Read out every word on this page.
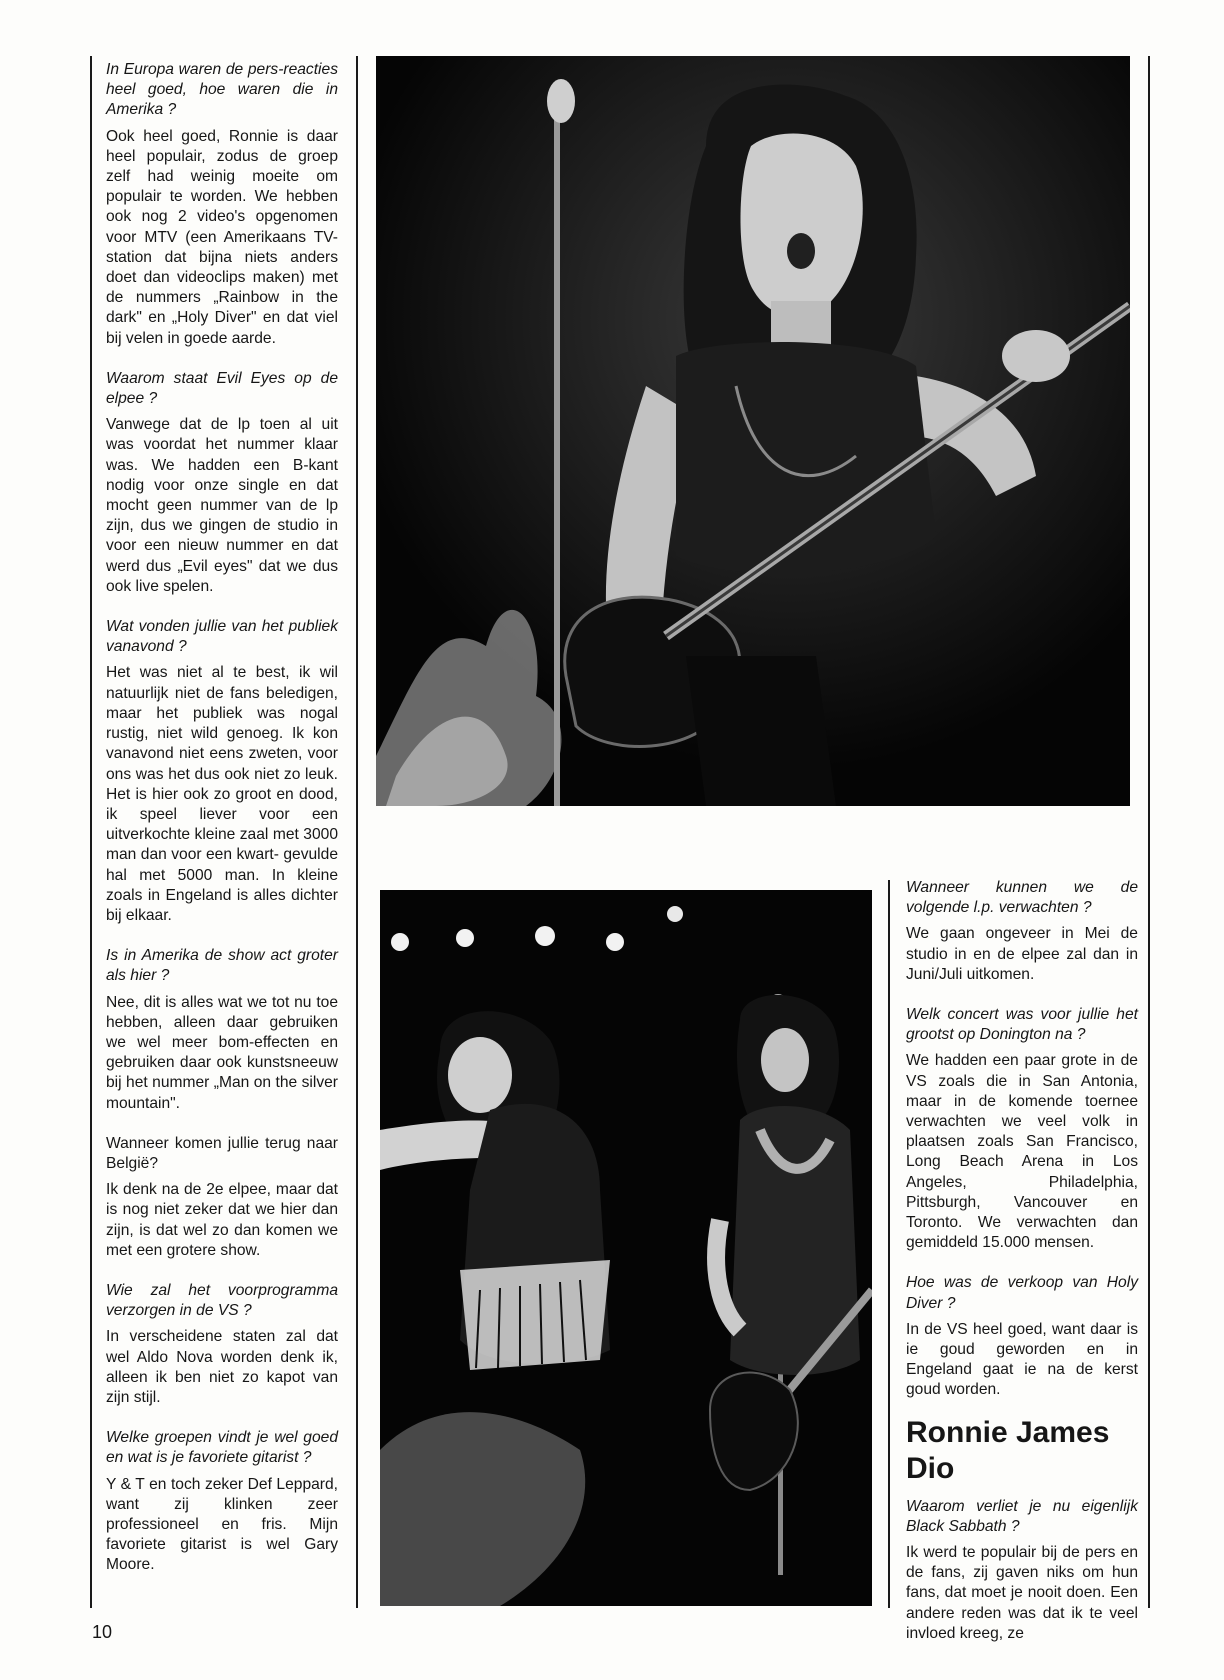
In Europa waren de pers-reacties heel goed, hoe waren die in Amerika ?

Ook heel goed, Ronnie is daar heel populair, zodus de groep zelf had weinig moeite om populair te worden. We hebben ook nog 2 video's opgenomen voor MTV (een Amerikaans TV-station dat bijna niets anders doet dan videoclips maken) met de nummers „Rainbow in the dark" en „Holy Diver" en dat viel bij velen in goede aarde.

Waarom staat Evil Eyes op de elpee ?

Vanwege dat de lp toen al uit was voordat het nummer klaar was. We hadden een B-kant nodig voor onze single en dat mocht geen nummer van de lp zijn, dus we gingen de studio in voor een nieuw nummer en dat werd dus „Evil eyes" dat we dus ook live spelen.

Wat vonden jullie van het publiek vanavond ?

Het was niet al te best, ik wil natuurlijk niet de fans beledigen, maar het publiek was nogal rustig, niet wild genoeg. Ik kon vanavond niet eens zweten, voor ons was het dus ook niet zo leuk. Het is hier ook zo groot en dood, ik speel liever voor een uitverkochte kleine zaal met 3000 man dan voor een kwart- gevulde hal met 5000 man. In kleine zoals in Engeland is alles dichter bij elkaar.

Is in Amerika de show act groter als hier ?

Nee, dit is alles wat we tot nu toe hebben, alleen daar gebruiken we wel meer bom-effecten en gebruiken daar ook kunstsneeuw bij het nummer „Man on the silver mountain".

Wanneer komen jullie terug naar België?

Ik denk na de 2e elpee, maar dat is nog niet zeker dat we hier dan zijn, is dat wel zo dan komen we met een grotere show.

Wie zal het voorprogramma verzorgen in de VS ?

In verscheidene staten zal dat wel Aldo Nova worden denk ik, alleen ik ben niet zo kapot van zijn stijl.

Welke groepen vindt je wel goed en wat is je favoriete gitarist ?

Y & T en toch zeker Def Leppard, want zij klinken zeer professioneel en fris. Mijn favoriete gitarist is wel Gary Moore.

Wanneer kunnen we de volgende l.p. verwachten ?

We gaan ongeveer in Mei de studio in en de elpee zal dan in Juni/Juli uitkomen.

Welk concert was voor jullie het grootst op Donington na ?

We hadden een paar grote in de VS zoals die in San Antonia, maar in de komende toernee verwachten we veel volk in plaatsen zoals San Francisco, Long Beach Arena in Los Angeles, Philadelphia, Pittsburgh, Vancouver en Toronto. We verwachten dan gemiddeld 15.000 mensen.

Hoe was de verkoop van Holy Diver ?

In de VS heel goed, want daar is ie goud geworden en in Engeland gaat ie na de kerst goud worden.

Ronnie James Dio

Waarom verliet je nu eigenlijk Black Sabbath ?

Ik werd te populair bij de pers en de fans, zij gaven niks om hun fans, dat moet je nooit doen. Een andere reden was dat ik te veel invloed kreeg, ze

10
